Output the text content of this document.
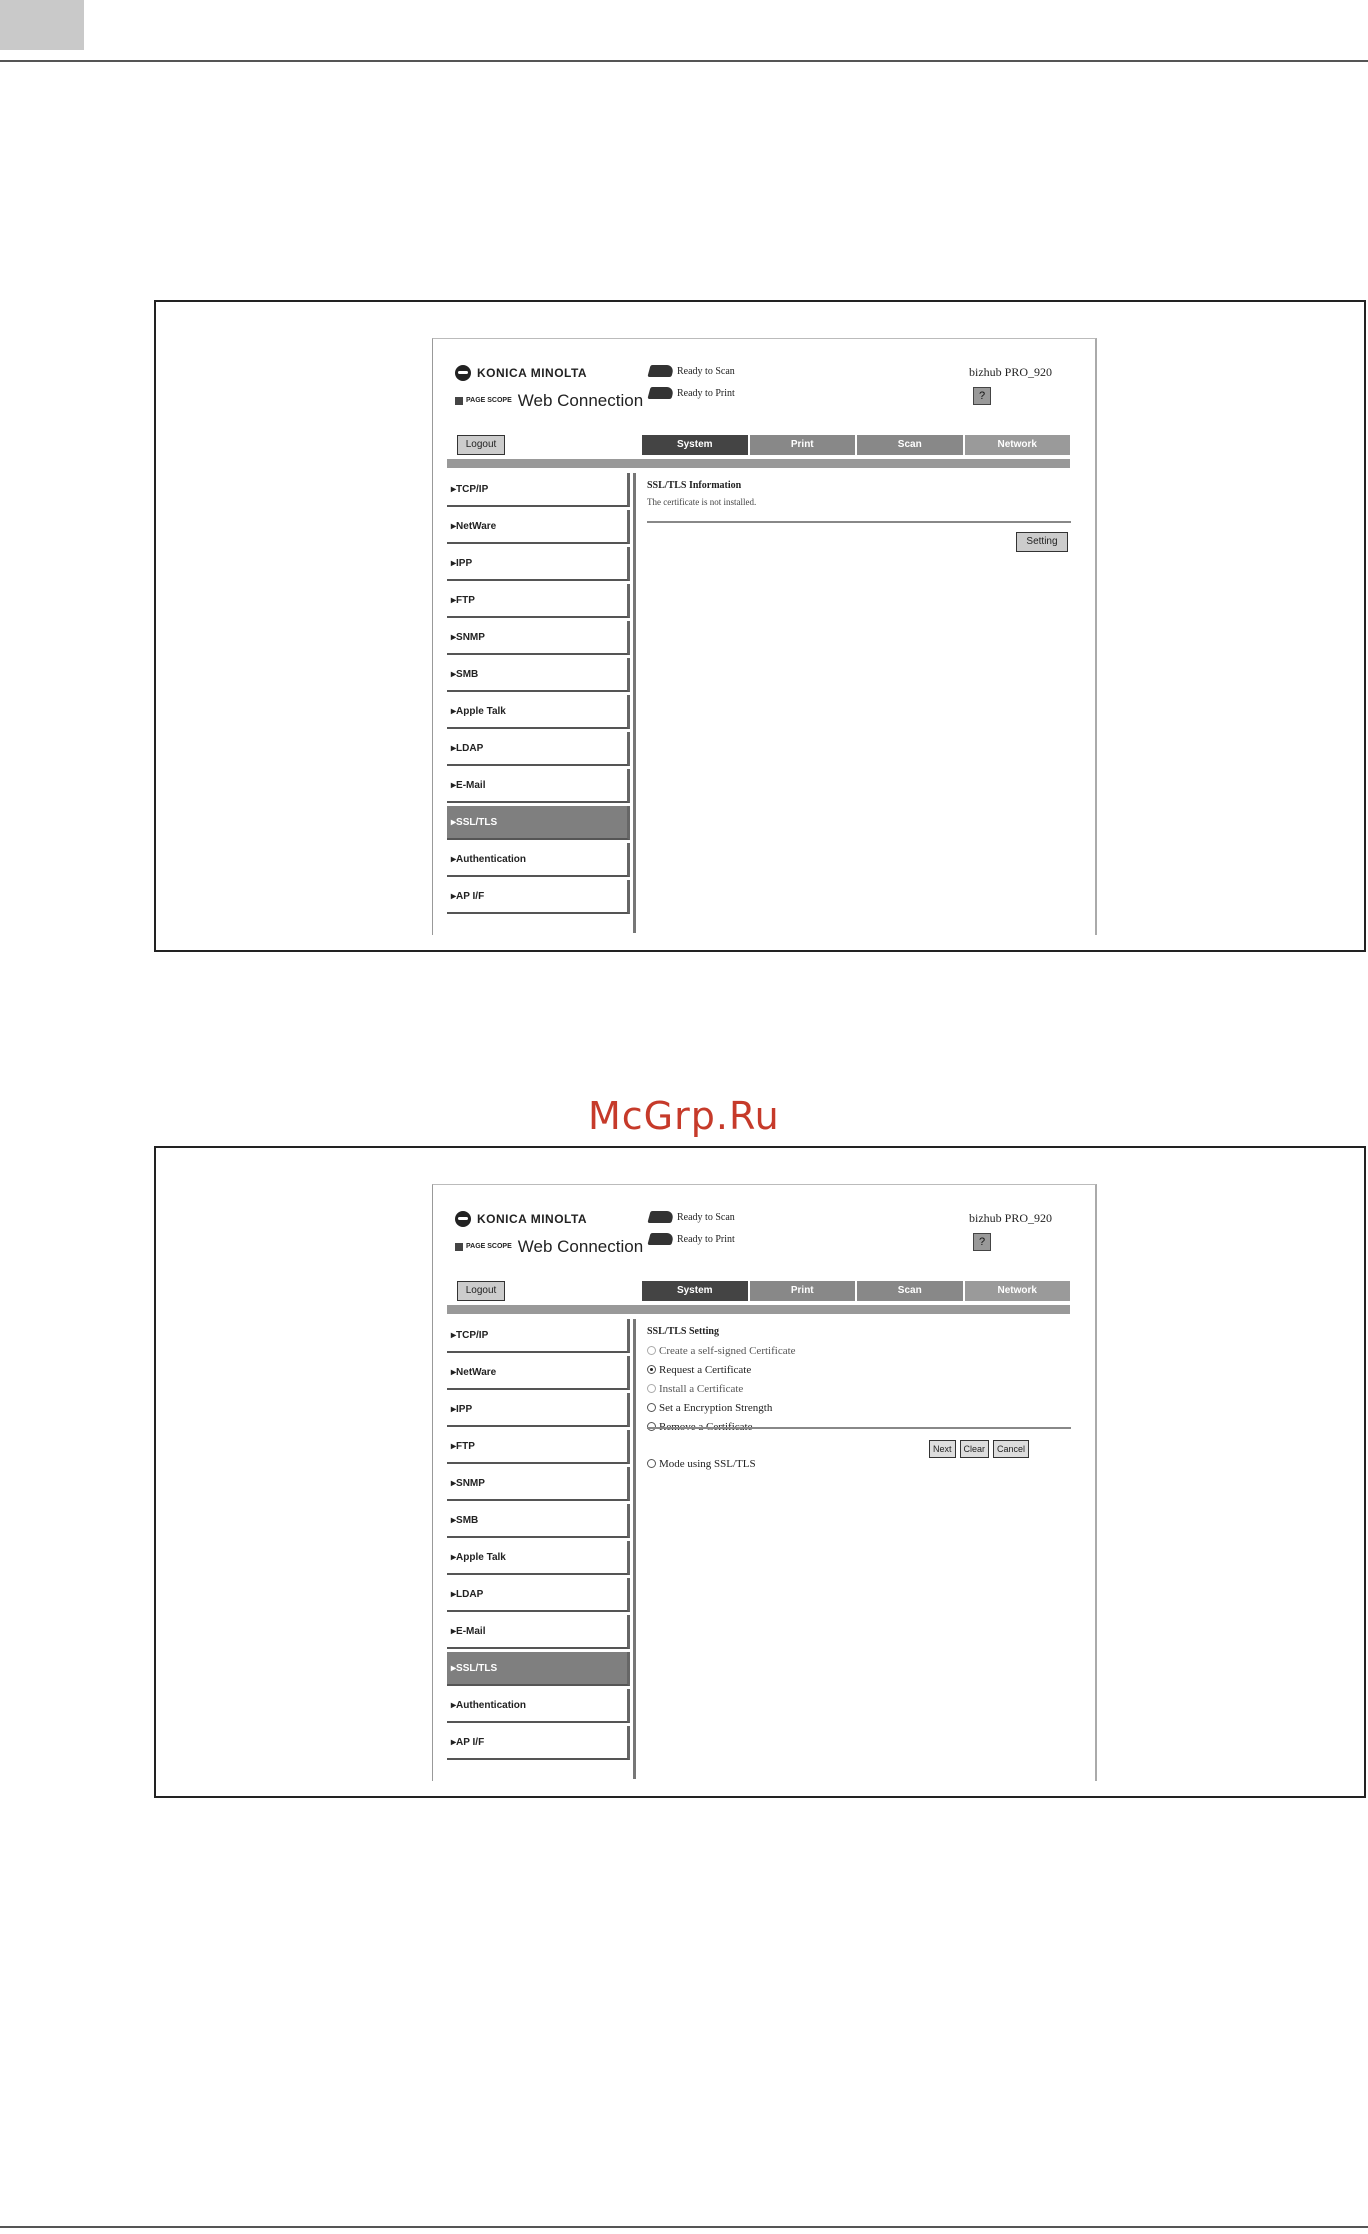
KONICA MINOLTA
PAGE SCOPE Web Connection
Ready to Scan
Ready to Print
bizhub PRO_920
?
Logout	System	Print	Scan	Network
▸TCP/IP
▸NetWare
▸IPP
▸FTP
▸SNMP
▸SMB
▸Apple Talk
▸LDAP
▸E-Mail
▸SSL/TLS
▸Authentication
▸AP I/F
SSL/TLS Information
The certificate is not installed.
Setting
McGrp.Ru
KONICA MINOLTA
PAGE SCOPE Web Connection
Ready to Scan
Ready to Print
bizhub PRO_920
?
Logout	System	Print	Scan	Network
▸TCP/IP
▸NetWare
▸IPP
▸FTP
▸SNMP
▸SMB
▸Apple Talk
▸LDAP
▸E-Mail
▸SSL/TLS
▸Authentication
▸AP I/F
SSL/TLS Setting
Create a self-signed Certificate
Request a Certificate
Install a Certificate
Set a Encryption Strength
Mode using SSL/TLS
Next	Clear	Cancel
